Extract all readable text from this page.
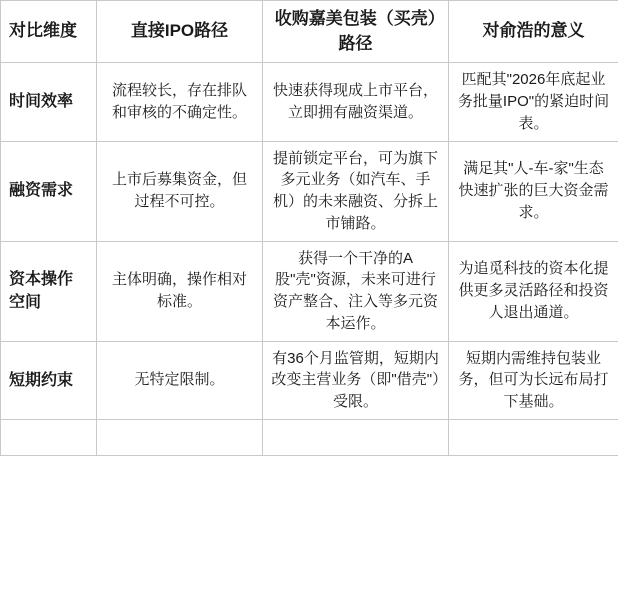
对比维度	直接IPO路径	收购嘉美包装（买壳）路径	对俞浩的意义
时间效率	流程较长，存在排队和审核的不确定性。	快速获得现成上市平台，立即拥有融资渠道。	匹配其"2026年底起业务批量IPO"的紧迫时间表。
融资需求	上市后募集资金，但过程不可控。	提前锁定平台，可为旗下多元业务（如汽车、手机）的未来融资、分拆上市铺路。	满足其"人-车-家"生态快速扩张的巨大资金需求。
资本操作空间	主体明确，操作相对标准。	获得一个干净的A股"壳"资源，未来可进行资产整合、注入等多元资本运作。	为追觅科技的资本化提供更多灵活路径和投资人退出通道。
短期约束	无特定限制。	有36个月监管期，短期内改变主营业务（即"借壳"）受限。	短期内需维持包装业务，但可为长远布局打下基础。
